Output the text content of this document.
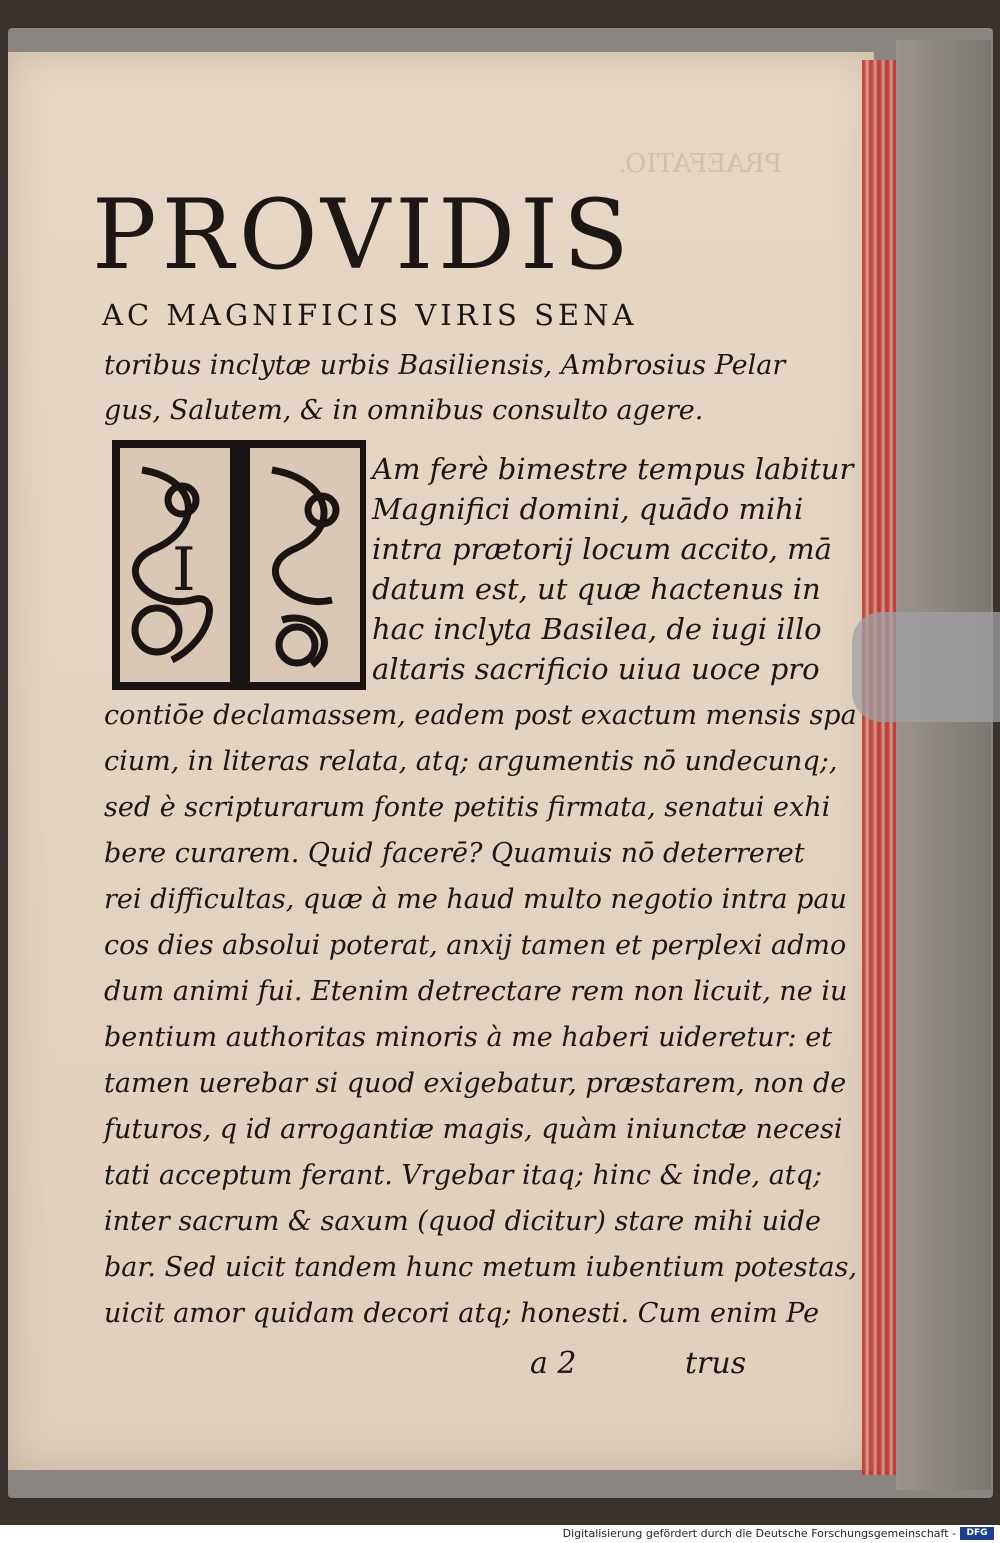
PRAEFATIO.
PROVIDIS
AC MAGNIFICIS VIRIS SENA
toribus inclytæ urbis Basiliensis, Ambrosius Pelar
gus, Salutem, & in omnibus consulto agere.
I
Am ferè bimestre tempus labitur
Magnifici domini, quādo mihi
intra prætorij locum accito, mā
datum est, ut quæ hactenus in
hac inclyta Basilea, de iugi illo
altaris sacrificio uiua uoce pro
contiōe declamassem, eadem post exactum mensis spa
cium, in literas relata, atq; argumentis nō undecunq;,
sed è scripturarum fonte petitis firmata, senatui exhi
bere curarem. Quid facerē? Quamuis nō deterreret
rei difficultas, quæ à me haud multo negotio intra pau
cos dies absolui poterat, anxij tamen et perplexi admo
dum animi fui. Etenim detrectare rem non licuit, ne iu
bentium authoritas minoris à me haberi uideretur: et
tamen uerebar si quod exigebatur, præstarem, non de
futuros, q id arrogantiæ magis, quàm iniunctæ necesi
tati acceptum ferant. Vrgebar itaq; hinc & inde, atq;
inter sacrum & saxum (quod dicitur) stare mihi uide
bar. Sed uicit tandem hunc metum iubentium potestas,
uicit amor quidam decori atq; honesti. Cum enim Pe
a 2	trus
Digitalisierung gefördert durch die Deutsche Forschungsgemeinschaft -	DFG
